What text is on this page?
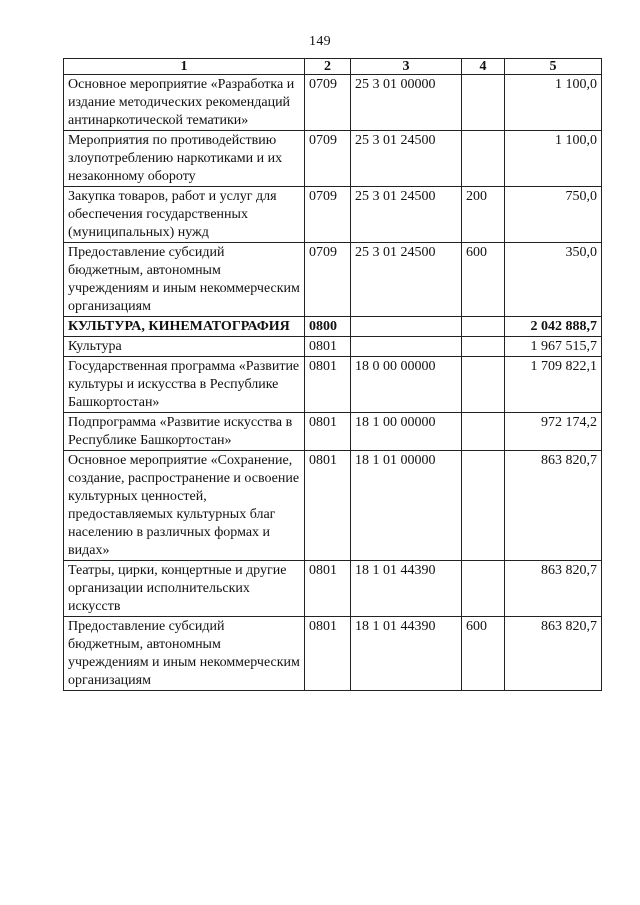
149
1	2	3	4	5
Основное мероприятие «Разработка и издание методических рекомендаций антинаркотической тематики»	0709	25 3 01 00000		1 100,0
Мероприятия по противодействию злоупотреблению наркотиками и их незаконному обороту	0709	25 3 01 24500		1 100,0
Закупка товаров, работ и услуг для обеспечения государственных (муниципальных) нужд	0709	25 3 01 24500	200	750,0
Предоставление субсидий бюджетным, автономным учреждениям и иным некоммерческим организациям	0709	25 3 01 24500	600	350,0
КУЛЬТУРА, КИНЕМАТОГРАФИЯ	0800			2 042 888,7
Культура	0801			1 967 515,7
Государственная программа «Развитие культуры и искусства в Республике Башкортостан»	0801	18 0 00 00000		1 709 822,1
Подпрограмма «Развитие искусства в Республике Башкортостан»	0801	18 1 00 00000		972 174,2
Основное мероприятие «Сохранение, создание, распространение и освоение культурных ценностей, предоставляемых культурных благ населению в различных формах и видах»	0801	18 1 01 00000		863 820,7
Театры, цирки, концертные и другие организации исполнительских искусств	0801	18 1 01 44390		863 820,7
Предоставление субсидий бюджетным, автономным учреждениям и иным некоммерческим организациям	0801	18 1 01 44390	600	863 820,7
